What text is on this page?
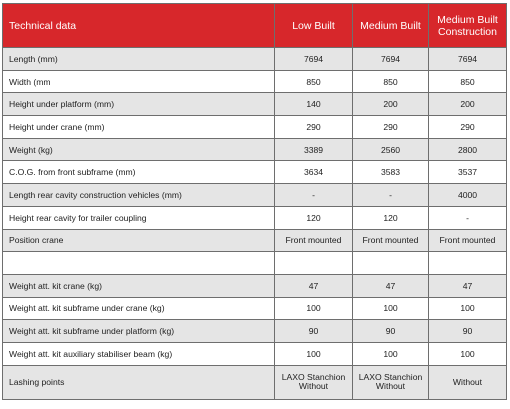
Technical data	Low Built	Medium Built	Medium Built Construction
Length (mm)	7694	7694	7694
Width (mm	850	850	850
Height under platform (mm)	140	200	200
Height under crane (mm)	290	290	290
Weight (kg)	3389	2560	2800
C.O.G. from front subframe (mm)	3634	3583	3537
Length rear cavity construction vehicles (mm)	-	-	4000
Height rear cavity for trailer coupling	120	120	-
Position crane	Front mounted	Front mounted	Front mounted

Weight att. kit crane (kg)	47	47	47
Weight att. kit subframe under crane (kg)	100	100	100
Weight att. kit subframe under platform (kg)	90	90	90
Weight att. kit auxiliary stabiliser beam (kg)	100	100	100
Lashing points	LAXO Stanchion Without	LAXO Stanchion Without	Without
